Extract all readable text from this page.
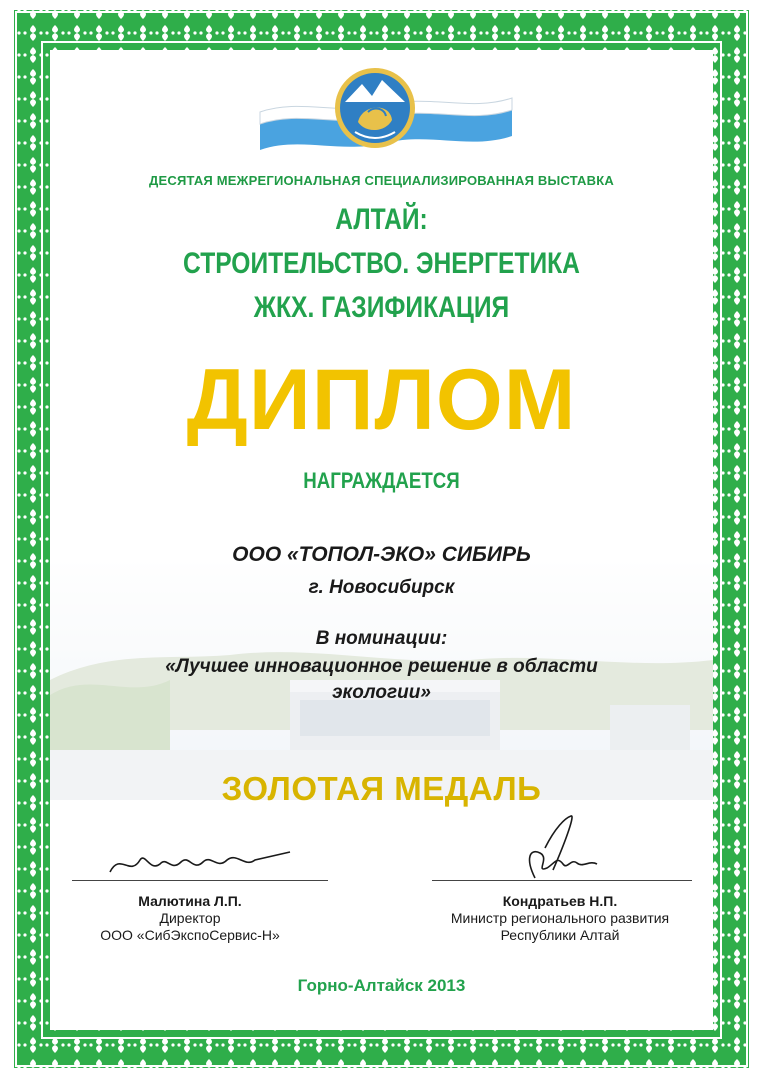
ДЕСЯТАЯ МЕЖРЕГИОНАЛЬНАЯ СПЕЦИАЛИЗИРОВАННАЯ ВЫСТАВКА

АЛТАЙ:
СТРОИТЕЛЬСТВО. ЭНЕРГЕТИКА
ЖКХ. ГАЗИФИКАЦИЯ

ДИПЛОМ

НАГРАЖДАЕТСЯ

ООО «ТОПОЛ-ЭКО» СИБИРЬ

г. Новосибирск

В номинации:

«Лучшее инновационное решение в области
экологии»

ЗОЛОТАЯ МЕДАЛЬ

Малютина Л.П.
Директор
ООО «СибЭкспоСервис-Н»
Кондратьев Н.П.
Министр регионального развития
Республики Алтай

Горно-Алтайск 2013
